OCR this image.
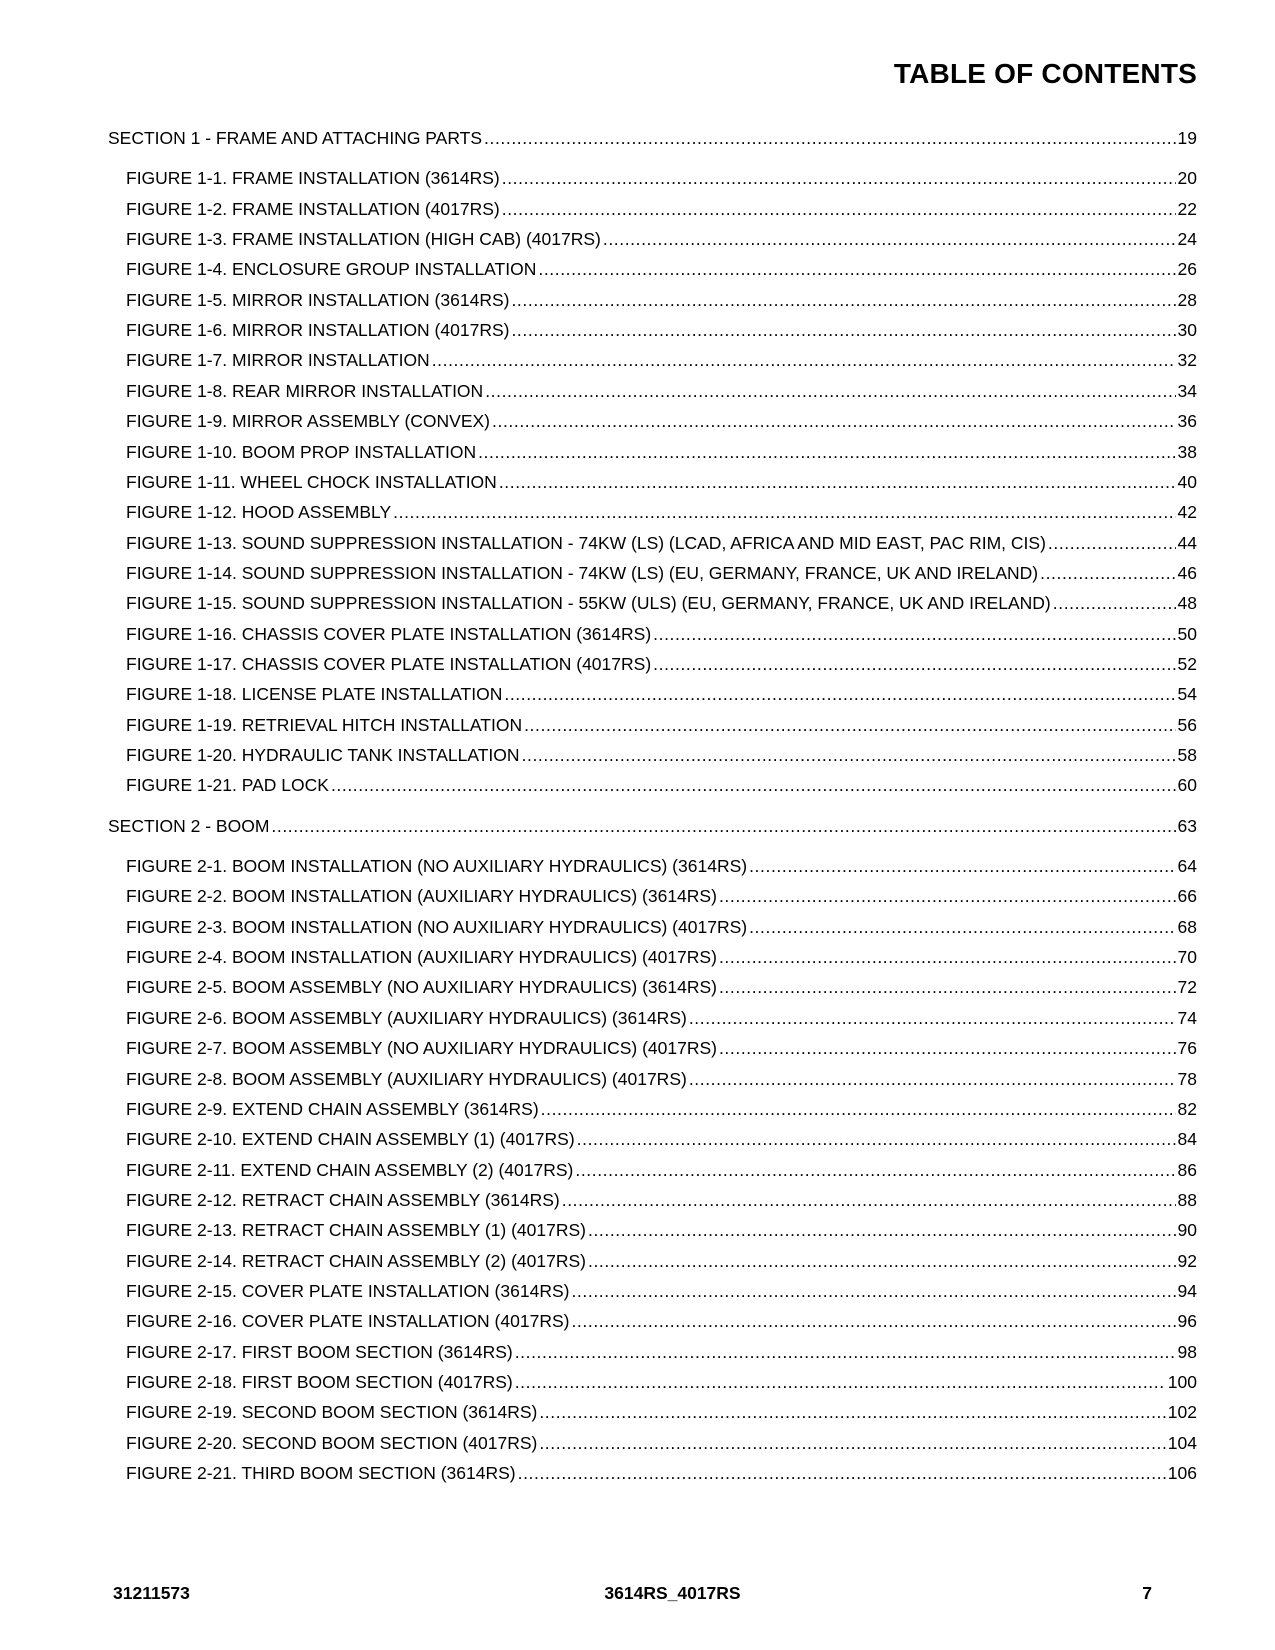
TABLE OF CONTENTS
SECTION 1 - FRAME AND ATTACHING PARTS .....	19
FIGURE 1-1. FRAME INSTALLATION (3614RS) .....	20
FIGURE 1-2. FRAME INSTALLATION (4017RS) .....	22
FIGURE 1-3. FRAME INSTALLATION (HIGH CAB) (4017RS) .....	24
FIGURE 1-4. ENCLOSURE GROUP INSTALLATION .....	26
FIGURE 1-5. MIRROR INSTALLATION (3614RS) .....	28
FIGURE 1-6. MIRROR INSTALLATION (4017RS) .....	30
FIGURE 1-7. MIRROR INSTALLATION .....	32
FIGURE 1-8. REAR MIRROR INSTALLATION .....	34
FIGURE 1-9. MIRROR ASSEMBLY (CONVEX) .....	36
FIGURE 1-10. BOOM PROP INSTALLATION .....	38
FIGURE 1-11. WHEEL CHOCK INSTALLATION .....	40
FIGURE 1-12. HOOD ASSEMBLY .....	42
FIGURE 1-13. SOUND SUPPRESSION INSTALLATION - 74KW (LS) (LCAD, AFRICA AND MID EAST, PAC RIM, CIS) .....	44
FIGURE 1-14. SOUND SUPPRESSION INSTALLATION - 74KW (LS) (EU, GERMANY, FRANCE, UK AND IRELAND) .....	46
FIGURE 1-15. SOUND SUPPRESSION INSTALLATION - 55KW (ULS) (EU, GERMANY, FRANCE, UK AND IRELAND) .....	48
FIGURE 1-16. CHASSIS COVER PLATE INSTALLATION (3614RS) .....	50
FIGURE 1-17. CHASSIS COVER PLATE INSTALLATION (4017RS) .....	52
FIGURE 1-18. LICENSE PLATE INSTALLATION .....	54
FIGURE 1-19. RETRIEVAL HITCH INSTALLATION .....	56
FIGURE 1-20. HYDRAULIC TANK INSTALLATION .....	58
FIGURE 1-21. PAD LOCK .....	60
SECTION 2 - BOOM .....	63
FIGURE 2-1. BOOM INSTALLATION (NO AUXILIARY HYDRAULICS) (3614RS) .....	64
FIGURE 2-2. BOOM INSTALLATION (AUXILIARY HYDRAULICS) (3614RS) .....	66
FIGURE 2-3. BOOM INSTALLATION (NO AUXILIARY HYDRAULICS) (4017RS) .....	68
FIGURE 2-4. BOOM INSTALLATION (AUXILIARY HYDRAULICS) (4017RS) .....	70
FIGURE 2-5. BOOM ASSEMBLY (NO AUXILIARY HYDRAULICS) (3614RS) .....	72
FIGURE 2-6. BOOM ASSEMBLY (AUXILIARY HYDRAULICS) (3614RS) .....	74
FIGURE 2-7. BOOM ASSEMBLY (NO AUXILIARY HYDRAULICS) (4017RS) .....	76
FIGURE 2-8. BOOM ASSEMBLY (AUXILIARY HYDRAULICS) (4017RS) .....	78
FIGURE 2-9. EXTEND CHAIN ASSEMBLY (3614RS) .....	82
FIGURE 2-10. EXTEND CHAIN ASSEMBLY (1) (4017RS) .....	84
FIGURE 2-11. EXTEND CHAIN ASSEMBLY (2) (4017RS) .....	86
FIGURE 2-12. RETRACT CHAIN ASSEMBLY (3614RS) .....	88
FIGURE 2-13. RETRACT CHAIN ASSEMBLY (1) (4017RS) .....	90
FIGURE 2-14. RETRACT CHAIN ASSEMBLY (2) (4017RS) .....	92
FIGURE 2-15. COVER PLATE INSTALLATION (3614RS) .....	94
FIGURE 2-16. COVER PLATE INSTALLATION (4017RS) .....	96
FIGURE 2-17. FIRST BOOM SECTION (3614RS) .....	98
FIGURE 2-18. FIRST BOOM SECTION (4017RS) .....	100
FIGURE 2-19. SECOND BOOM SECTION (3614RS) .....	102
FIGURE 2-20. SECOND BOOM SECTION (4017RS) .....	104
FIGURE 2-21. THIRD BOOM SECTION (3614RS) .....	106
31211573	3614RS_4017RS	7
